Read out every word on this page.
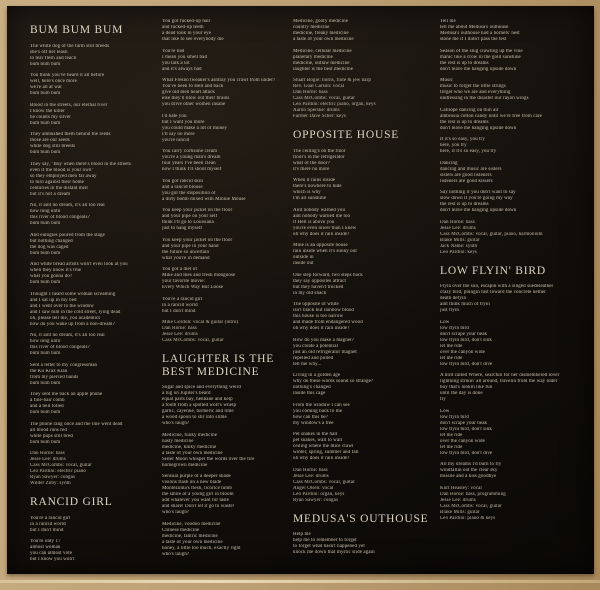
BUM BUM BUM
The white dog of the farm still breeds
she's off her leash
to tear flesh and teach
bum bum bum
You think you've heard it all before
well, here's once more
we're all at war
bum bum bum
Blood in the streets, our eternal river
I know the killer
he counts my silver
bum bum bum
They ambushed them behind the reeds
those are our seeds
white dog still breeds
bum bum bum
They say, "Buy when there's blood in the streets
even if the blood is your own"
so they employed men far away
to turn against their home
centuries in the distant mist
but it's not a dream
No, it aint no dream, it's all too real
how long until
this river of blood congeals?
bum bum bum
And eulogies poured from the stage
but nothing changed
the dog was caged
bum bum bum
And white bread artists won't even look at you
when they know it's true
what you gonna do?
bum bum bum
Thought I heard some woman screaming
and I sat up in my bed
and I went over to the window
and I saw him in the cold street, lying dead
oh, please tell me, you academics
how do you wake up from a non-dream?
No, it aint no dream, it's all too real
how long until
this river of blood congeals?
bum bum bum
Sent a letter to my congressman
the Ku Klux Klan
from my pierced hands
bum bum bum
They sent me back an apple phone
a fine-hair comb
and a bell tolled
bum bum bum
The phone rang once and the line went dead
all blood runs red
white pups still bred
bum bum bum
Dan Horne: bass
Jesse Lee: drums
Cass McCombs: vocal, guitar
Leo Pardini: electric piano
Ryan Sawyer: congas
Wilder Zoby: synth
RANCID GIRL
You're a rancid girl
in a rancid world
but I don't mind
You're only 17
almost woman
you can almost vote
but I know you won't
You got fucked-up hair
and fucked-up teeth
a dead look in your eye
that like to see everybody die
You're bad
I mean you smell bad
you talk a lot
and it's always bad
What Fresno tweaker's ashtray you crawl from under?
You've been to Hell and back
give old men heart attack
else they'll blow out their brains
you drive other women insane
I'd hate you
but I want you more
you could make a lot of money
I'll say no more
you're rancid
You carry cortisone cream
you're a young man's dream
four years I've been clean
now I think I'll shoot myself
You got rancid skin
and a rancid blouse
you got the disposition of
a dirty bomb mixed with Minnie Mouse
You keep your jacket on the floor
and your pipe on your self
think I'll go to Louisiana
just to hang myself
You keep your jacket on the floor
and your pipe in your hand
the future so uncertain
what you're in demand
You got a diet of
Mike and Ikes and fresh mongoose
your favorite movie:
Every Which Way But Loose
You're a rancid girl
in a rancid world
but I don't mind
Mike Gordon: vocal & guitar (intro)
Dan Horne: bass
Jesse Lee: drums
Cass McCombs: vocal, guitar
LAUGHTER IS THE BEST MEDICINE
Sugar and spice and everything weird
a tug on Jupiter's beard
equal parts bay, henbane and kelp
a tooth from a spotted wolf's whelp
garlic, cayenne, turmeric and lime
a wood spoon to stir into slime
who's laugh?
Medicine, funky medicine
nasty medicine
medicine, kinky medicine
a taste of your own medicine
Sister Moon whisper the words over the fire
homegrown medicine
Sensual purple of a deeper shade
visions flash on a new blade
Montezuma's flesh, licorice tomb
the smile of a young girl in bloom
add whatever you want for taste
and share! Don't let it go to waste!
who's laugh?
Medicine, voodoo medicine
Chinese medicine
medicine, tantric medicine
a taste of your own medicine
honey, a little too much, exactly right
who's laugh?
Medicine, goofy medicine
country medicine
medicine, freaky medicine
a taste of your own medicine
Medicine, cellular medicine
planetary medicine
medicine, outlaw medicine
laughter is the best medicine
Stuart Bogie: horns, flute & jew harp
Rev. Goat Carson: vocal
Dan Horne: bass
Cass McCombs: vocal, guitar
Leo Pardini: electric piano, organ, keys
Aaron Sperske: drums
Farmer Dave Scher: keys
OPPOSITE HOUSE
The ceiling's on the floor
floor's in the refrigerator
what of the door?
it's there no more
When it rains inside
there's nowhere to hide
which is why
I'm all sunshine
Aint nobody warned you
aint nobody warned me too
if Hell is above you
you're even lower than I knew
oh why does it rain inside?
Mine is an opposite house
rain inside when it's sunny out
outside in
inside out
One step forward, two steps back
they say opposites attract
but they haven't trucked
in my old shack
The opposite of white
isn't black but rainbow blood
this house is too narrow
and made from endangered wood
oh why does it rain inside?
How do you make a magnet?
you create a potential
just an old refrigerator magnet
repelled and pulled
tell me why...
Living in a golden age
why do these words sound so strange?
nothing's changed
inside this cage
From the window I can see
you coming back to me
how can this be?
my window's a tree
Pet snakes in the hall
pet snakes, wall to wall
ceiling where the mice crawl
winter, spring, summer and fall
oh why does it rain inside?
Dan Horne: bass
Jesse Lee: drums
Cass McCombs: vocal, guitar
Angel Olsen: vocal
Leo Pardini: organ, keys
Ryan Sawyer: congas
MEDUSA'S OUTHOUSE
Help me
help me to remember to forget
to forget what hasn't happened yet
knock me down that mystic slide again
Tell me
tell me about Medusa's outhouse
Medusa's outhouse had a hornets' nest
stone me if I didn't pass the test
Season of the slug crawling up the vine
manic like a crow in the gold sunshine
the rest is up to dreams
don't leave me hanging upside down
Music
music to forget the little strings
forget who we are and everything
undressing in the disaster our rayon wings
Calliope dancing on thin air
ambrosia cotton candy until we're free from care
the rest is up to dreams
don't leave me hanging upside down
If it's so easy, you try
here, you try
here, if it's so easy, you try
Dancing
dancing and music are sisters
sisters are good listeners
listeners are good kissers
Say nothing if you don't want to say
slow down if you're going my way
the rest is up to dreams
don't leave me hanging upside down
Dan Horne: bass
Jesse Lee: drums
Cass McCombs: vocal, guitar, piano, harmonium
Blake Mills: guitar
Jack Name: synth
Leo Pardini: keys
LOW FLYIN' BIRD
Flyin over the sun, escapin with a singed suedeleather
crazy bird, plungin fast toward the concrete nether
death defyin
aint think much of tryin
just flyin
Low
low flyin bird
don't scrape your beak
low flyin bird, don't sink
let me ride
over the canyon wide
let me ride
low flyin bird, don't dive
A bird called Where, searchin for her dismembered lover
lightning strikin' all around, travelin from the way older
boy that's lookin like fun
until the day is done
fly
Low
low flyin bird
don't scrape your beak
low flyin bird, don't sink
let me ride
over the canyon wide
let me ride
low flyin bird, don't dive
All my dreams I'd burn to fly
windfallin out the clear sky
missile and a kiss goodbye
Kurt Heasley: vocal
Dan Horne: bass, programming
Jesse Lee: drums
Cass McCombs: vocal, guitar
Blake Mills: guitar
Leo Pardini: piano & keys
